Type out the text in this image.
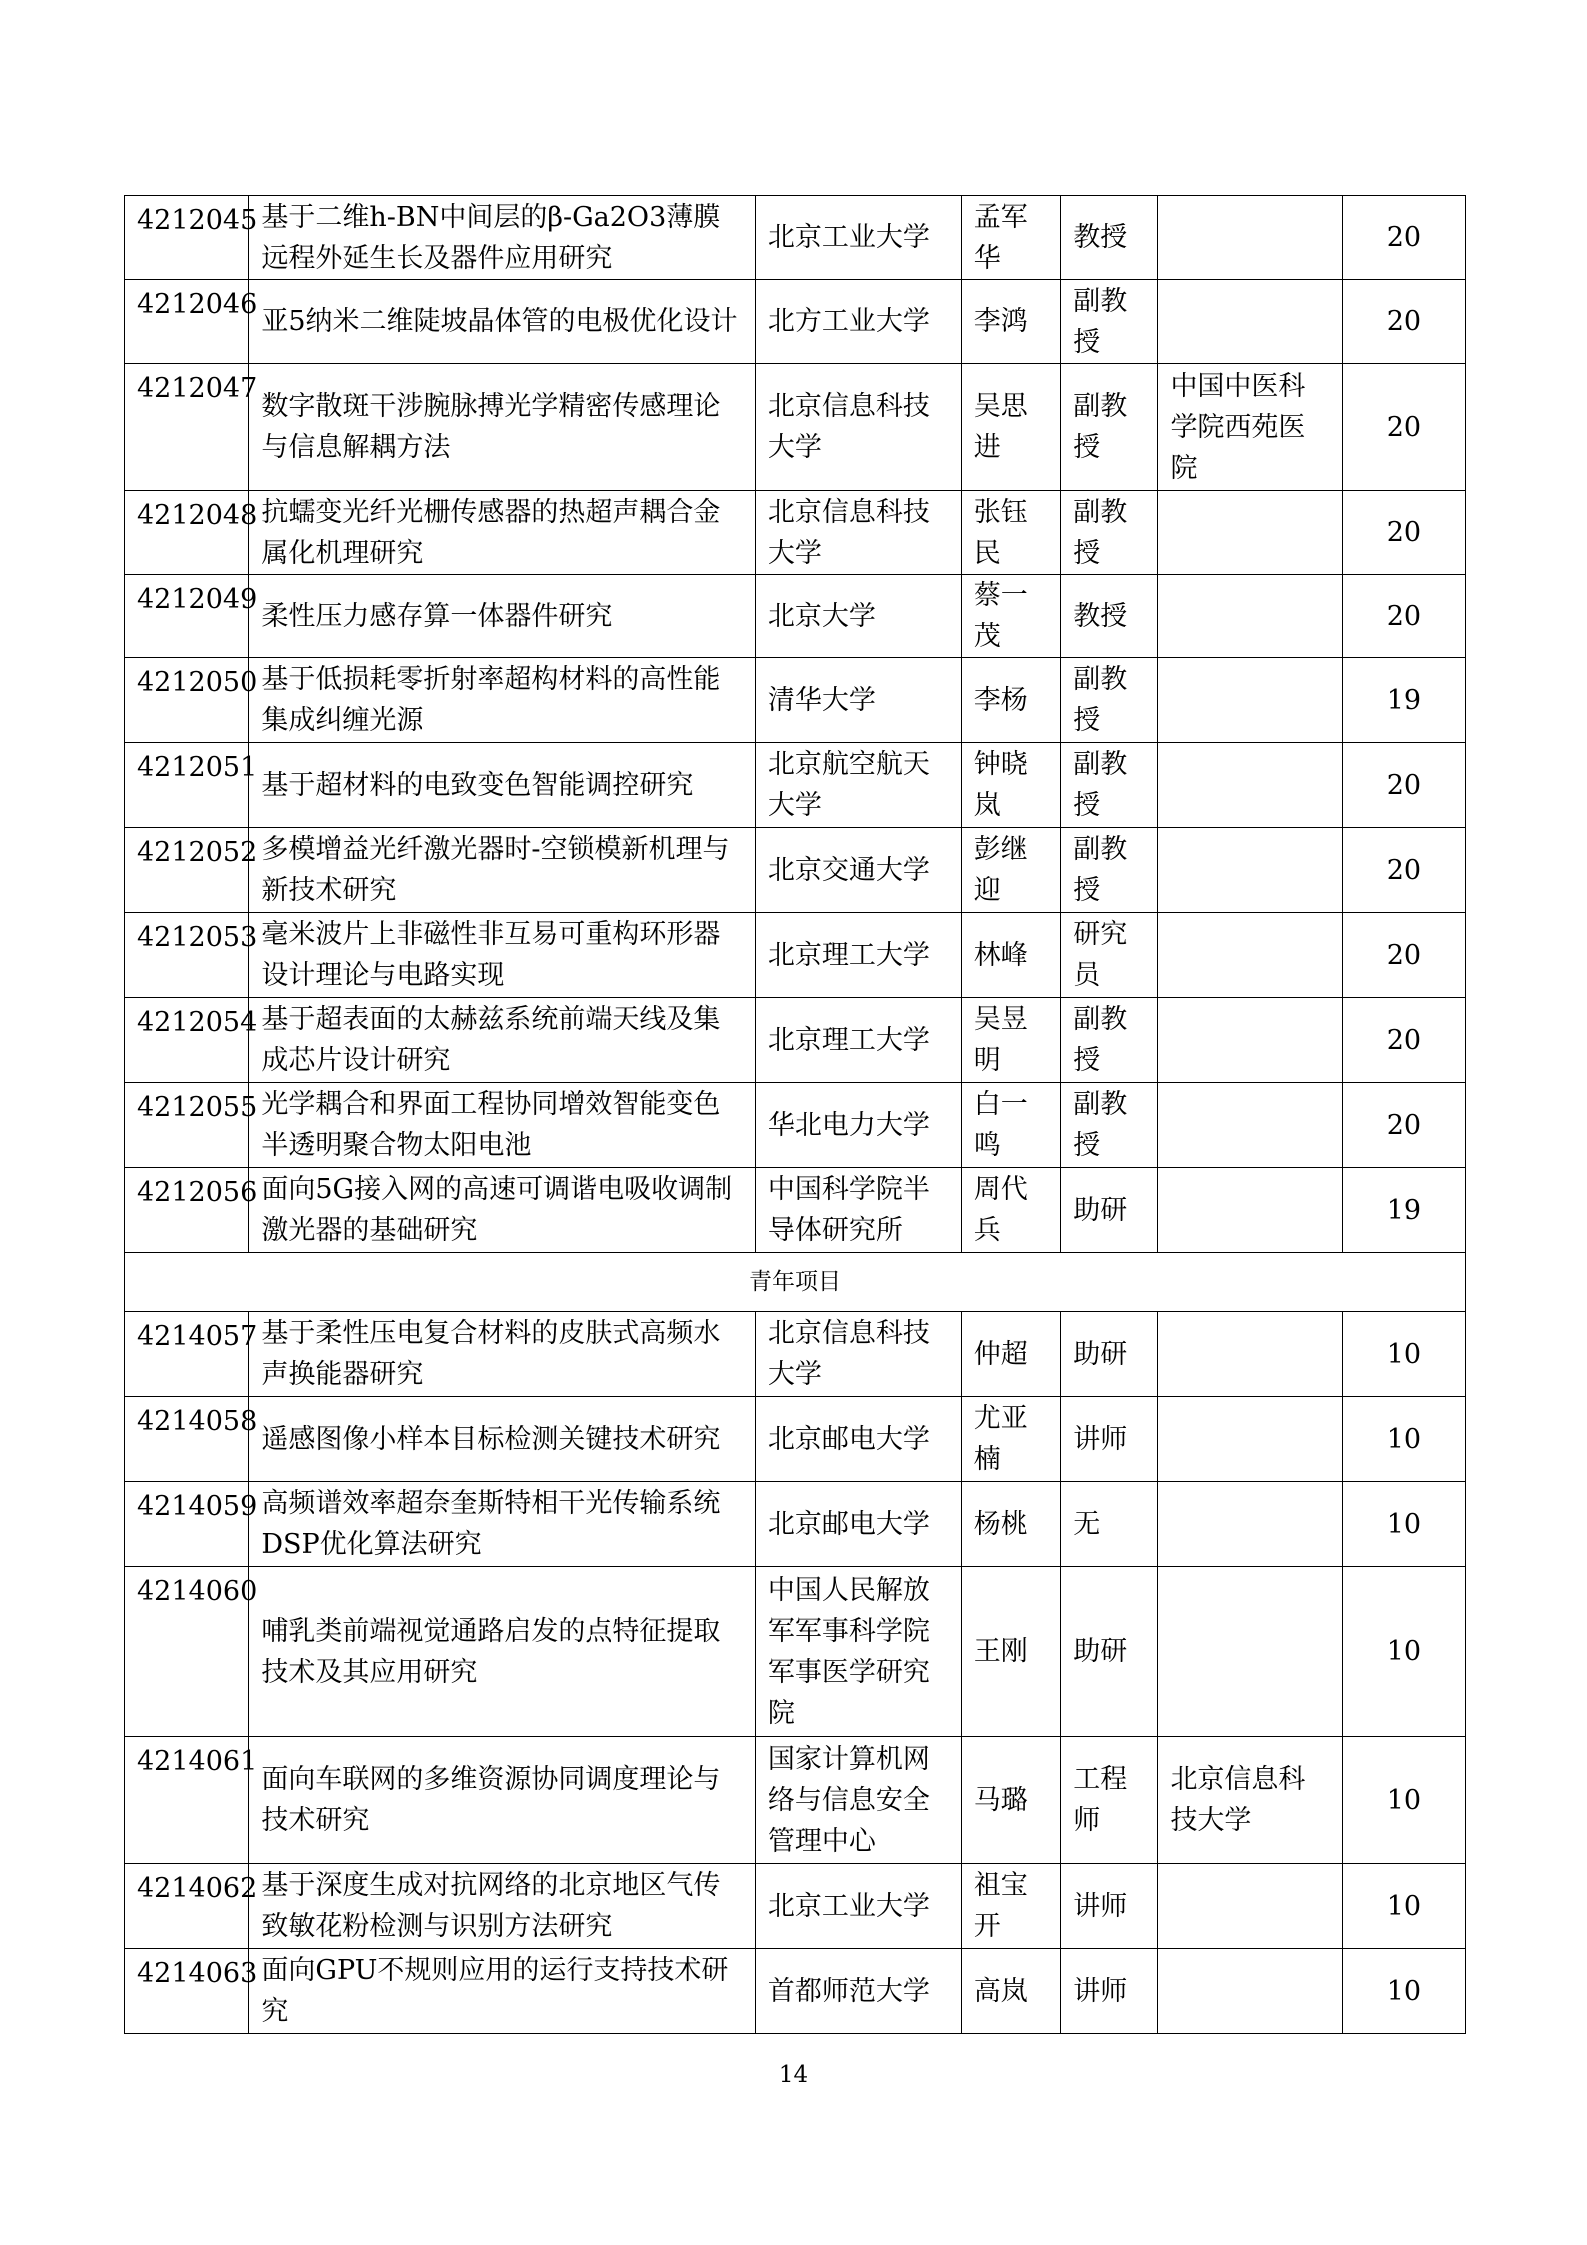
4212045	基于二维h-BN中间层的β-Ga2O3薄膜远程外延生长及器件应用研究	北京工业大学	孟军华	教授		20
4212046	亚5纳米二维陡坡晶体管的电极优化设计	北方工业大学	李鸿	副教授		20
4212047	数字散斑干涉腕脉搏光学精密传感理论与信息解耦方法	北京信息科技大学	吴思进	副教授	中国中医科学院西苑医院	20
4212048	抗蠕变光纤光栅传感器的热超声耦合金属化机理研究	北京信息科技大学	张钰民	副教授		20
4212049	柔性压力感存算一体器件研究	北京大学	蔡一茂	教授		20
4212050	基于低损耗零折射率超构材料的高性能集成纠缠光源	清华大学	李杨	副教授		19
4212051	基于超材料的电致变色智能调控研究	北京航空航天大学	钟晓岚	副教授		20
4212052	多模增益光纤激光器时-空锁模新机理与新技术研究	北京交通大学	彭继迎	副教授		20
4212053	毫米波片上非磁性非互易可重构环形器设计理论与电路实现	北京理工大学	林峰	研究员		20
4212054	基于超表面的太赫兹系统前端天线及集成芯片设计研究	北京理工大学	吴昱明	副教授		20
4212055	光学耦合和界面工程协同增效智能变色半透明聚合物太阳电池	华北电力大学	白一鸣	副教授		20
4212056	面向5G接入网的高速可调谐电吸收调制激光器的基础研究	中国科学院半导体研究所	周代兵	助研		19
青年项目						
4214057	基于柔性压电复合材料的皮肤式高频水声换能器研究	北京信息科技大学	仲超	助研		10
4214058	遥感图像小样本目标检测关键技术研究	北京邮电大学	尤亚楠	讲师		10
4214059	高频谱效率超奈奎斯特相干光传输系统DSP优化算法研究	北京邮电大学	杨桃	无		10
4214060	哺乳类前端视觉通路启发的点特征提取技术及其应用研究	中国人民解放军军事科学院军事医学研究院	王刚	助研		10
4214061	面向车联网的多维资源协同调度理论与技术研究	国家计算机网络与信息安全管理中心	马璐	工程师	北京信息科技大学	10
4214062	基于深度生成对抗网络的北京地区气传致敏花粉检测与识别方法研究	北京工业大学	祖宝开	讲师		10
4214063	面向GPU不规则应用的运行支持技术研究	首都师范大学	高岚	讲师		10
14
